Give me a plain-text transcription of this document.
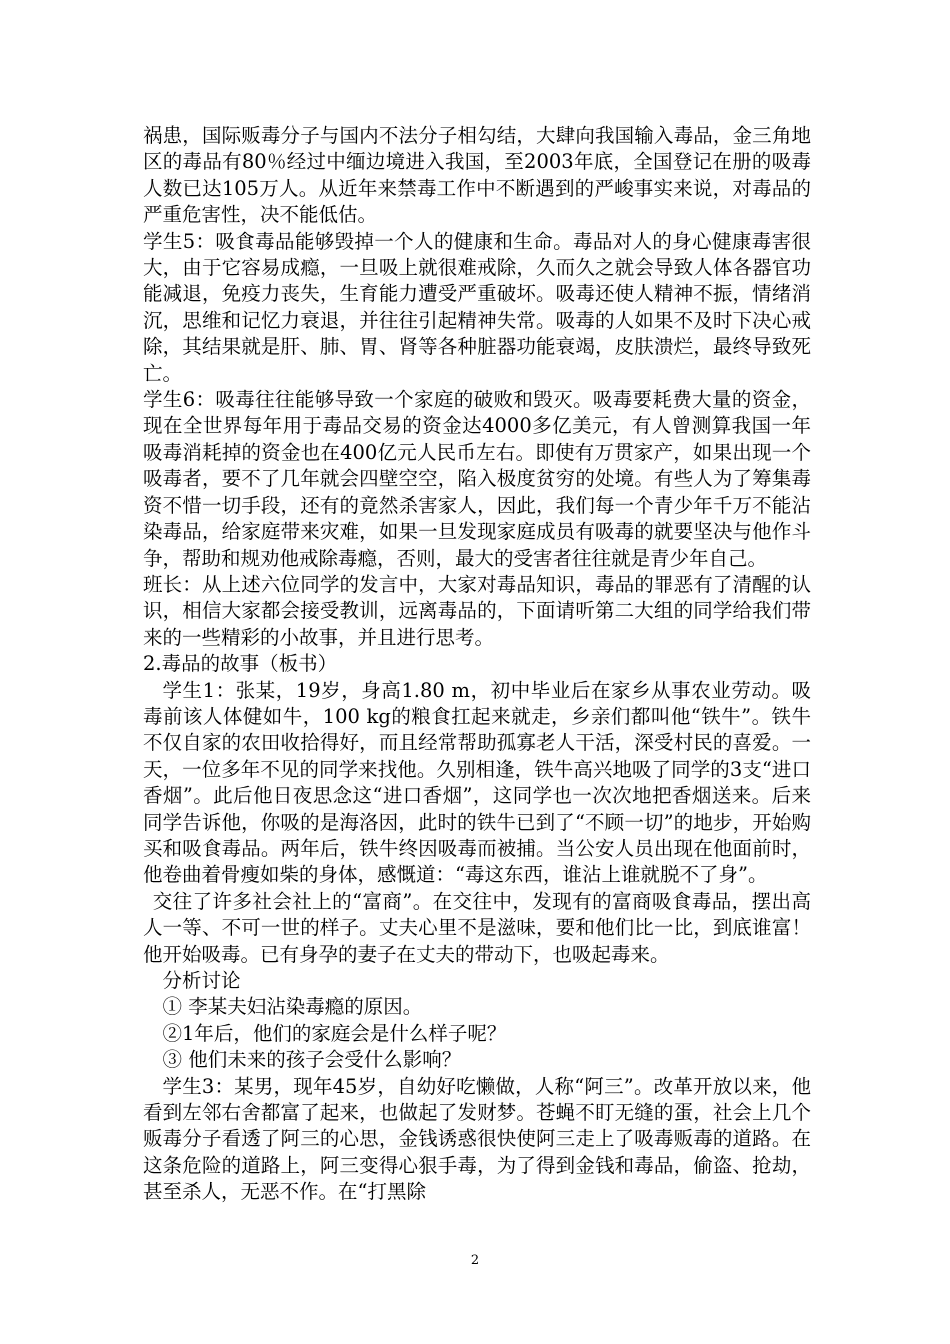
祸患，国际贩毒分子与国内不法分子相勾结，大肆向我国输入毒品，金三角地区的毒品有80％经过中缅边境进入我国，至2003年底，全国登记在册的吸毒人数已达105万人。从近年来禁毒工作中不断遇到的严峻事实来说，对毒品的严重危害性，决不能低估。

学生5：吸食毒品能够毁掉一个人的健康和生命。毒品对人的身心健康毒害很大，由于它容易成瘾，一旦吸上就很难戒除，久而久之就会导致人体各器官功能减退，免疫力丧失，生育能力遭受严重破坏。吸毒还使人精神不振，情绪消沉，思维和记忆力衰退，并往往引起精神失常。吸毒的人如果不及时下决心戒除，其结果就是肝、肺、胃、肾等各种脏器功能衰竭，皮肤溃烂，最终导致死亡。

学生6：吸毒往往能够导致一个家庭的破败和毁灭。吸毒要耗费大量的资金，现在全世界每年用于毒品交易的资金达4000多亿美元，有人曾测算我国一年吸毒消耗掉的资金也在400亿元人民币左右。即使有万贯家产，如果出现一个吸毒者，要不了几年就会四壁空空，陷入极度贫穷的处境。有些人为了筹集毒资不惜一切手段，还有的竟然杀害家人，因此，我们每一个青少年千万不能沾染毒品，给家庭带来灾难，如果一旦发现家庭成员有吸毒的就要坚决与他作斗争，帮助和规劝他戒除毒瘾，否则，最大的受害者往往就是青少年自己。

班长：从上述六位同学的发言中，大家对毒品知识，毒品的罪恶有了清醒的认识，相信大家都会接受教训，远离毒品的，下面请听第二大组的同学给我们带来的一些精彩的小故事，并且进行思考。

2.毒品的故事（板书）

学生1：张某，19岁，身高1.80 m，初中毕业后在家乡从事农业劳动。吸毒前该人体健如牛，100 kg的粮食扛起来就走，乡亲们都叫他“铁牛”。铁牛不仅自家的农田收拾得好，而且经常帮助孤寡老人干活，深受村民的喜爱。一天，一位多年不见的同学来找他。久别相逢，铁牛高兴地吸了同学的3支“进口香烟”。此后他日夜思念这“进口香烟”，这同学也一次次地把香烟送来。后来同学告诉他，你吸的是海洛因，此时的铁牛已到了“不顾一切”的地步，开始购买和吸食毒品。两年后，铁牛终因吸毒而被捕。当公安人员出现在他面前时，他卷曲着骨瘦如柴的身体，感慨道：“毒这东西，谁沾上谁就脱不了身”。

交往了许多社会社上的“富商”。在交往中，发现有的富商吸食毒品，摆出高人一等、不可一世的样子。丈夫心里不是滋味，要和他们比一比，到底谁富！他开始吸毒。已有身孕的妻子在丈夫的带动下，也吸起毒来。

分析讨论

① 李某夫妇沾染毒瘾的原因。

②1年后，他们的家庭会是什么样子呢？

③ 他们未来的孩子会受什么影响？

学生3：某男，现年45岁，自幼好吃懒做，人称“阿三”。改革开放以来，他看到左邻右舍都富了起来，也做起了发财梦。苍蝇不盯无缝的蛋，社会上几个贩毒分子看透了阿三的心思，金钱诱惑很快使阿三走上了吸毒贩毒的道路。在这条危险的道路上，阿三变得心狠手毒，为了得到金钱和毒品，偷盗、抢劫，甚至杀人，无恶不作。在“打黑除

2
